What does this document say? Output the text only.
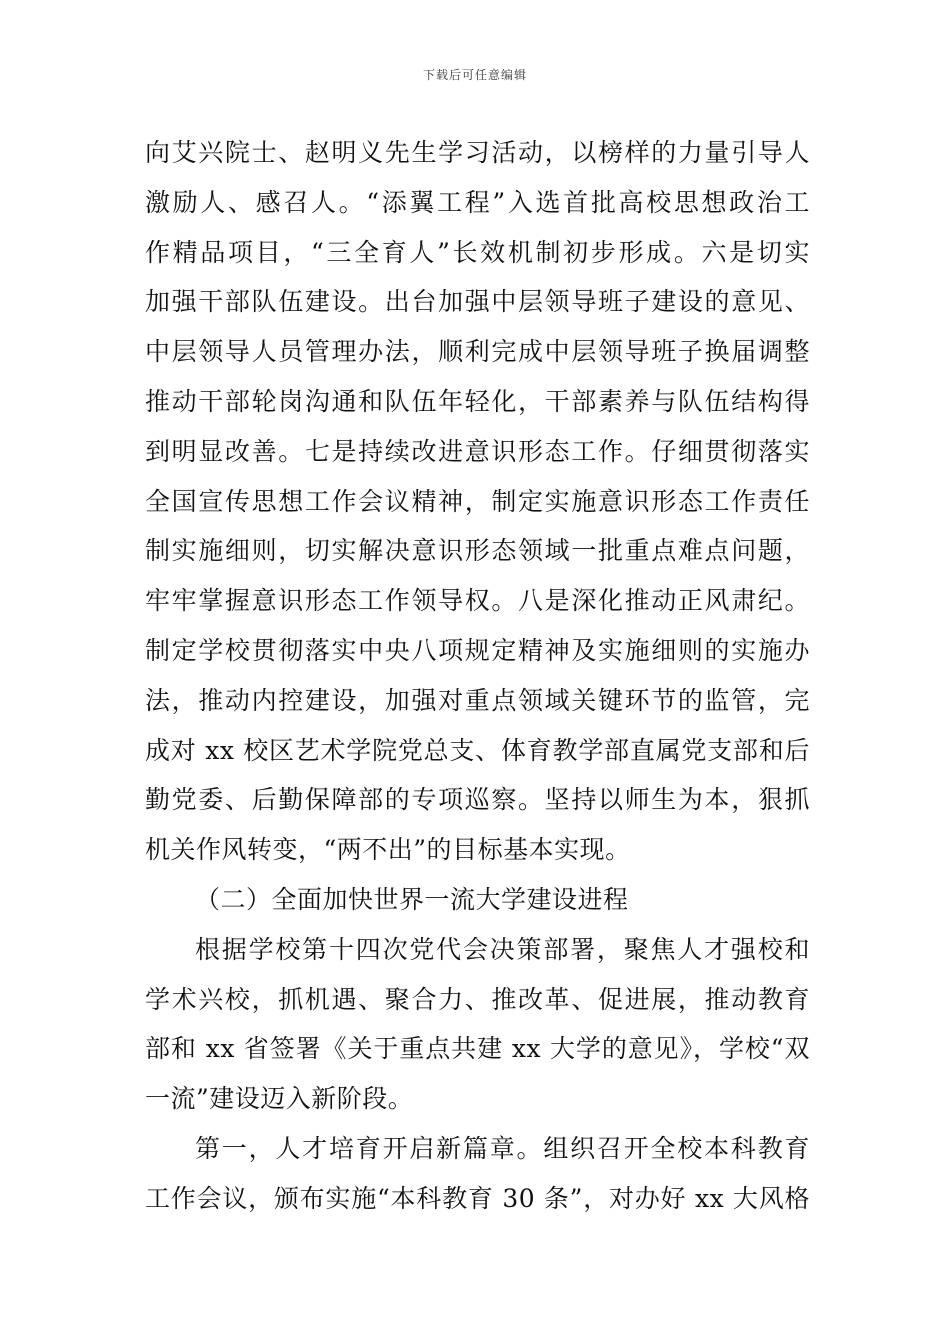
下载后可任意编辑
向艾兴院士、赵明义先生学习活动，以榜样的力量引导人
激励人、感召人。“添翼工程”入选首批高校思想政治工
作精品项目，“三全育人”长效机制初步形成。六是切实
加强干部队伍建设。出台加强中层领导班子建设的意见、
中层领导人员管理办法，顺利完成中层领导班子换届调整
推动干部轮岗沟通和队伍年轻化，干部素养与队伍结构得
到明显改善。七是持续改进意识形态工作。仔细贯彻落实
全国宣传思想工作会议精神，制定实施意识形态工作责任
制实施细则，切实解决意识形态领域一批重点难点问题，
牢牢掌握意识形态工作领导权。八是深化推动正风肃纪。
制定学校贯彻落实中央八项规定精神及实施细则的实施办
法，推动内控建设，加强对重点领域关键环节的监管，完
成对 xx 校区艺术学院党总支、体育教学部直属党支部和后
勤党委、后勤保障部的专项巡察。坚持以师生为本，狠抓
机关作风转变，“两不出”的目标基本实现。
（二）全面加快世界一流大学建设进程
根据学校第十四次党代会决策部署，聚焦人才强校和
学术兴校，抓机遇、聚合力、推改革、促进展，推动教育
部和 xx 省签署《关于重点共建 xx 大学的意见》，学校“双
一流”建设迈入新阶段。
第一，人才培育开启新篇章。组织召开全校本科教育
工作会议，颁布实施“本科教育 30 条”，对办好 xx 大风格
